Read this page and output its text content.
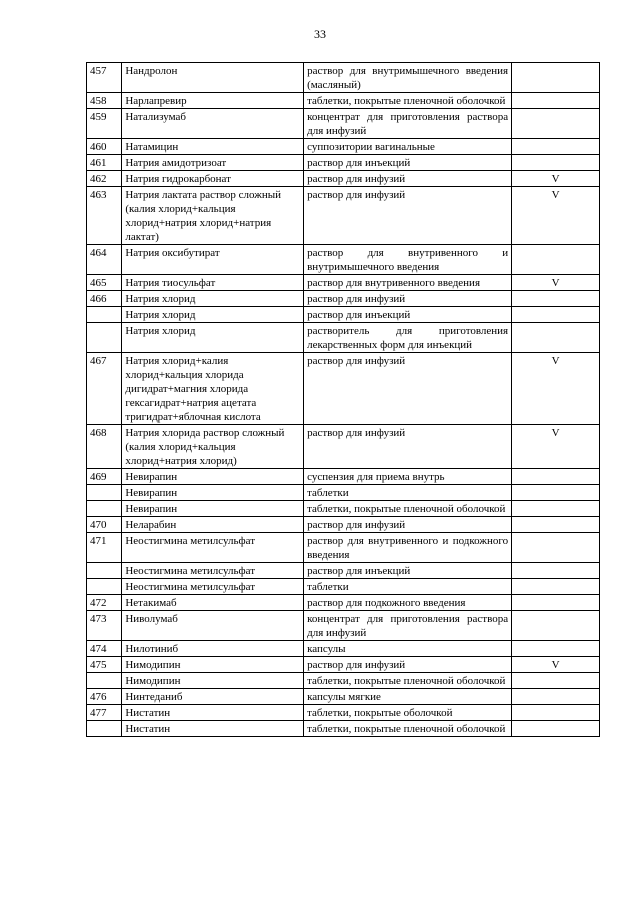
33
457	Нандролон	раствор для внутримышечного введения (масляный)	
458	Нарлапревир	таблетки, покрытые пленочной оболочкой	
459	Натализумаб	концентрат для приготовления раствора для инфузий	
460	Натамицин	суппозитории вагинальные	
461	Натрия амидотризоат	раствор для инъекций	
462	Натрия гидрокарбонат	раствор для инфузий	V
463	Натрия лактата раствор сложный (калия хлорид+кальция хлорид+натрия хлорид+натрия лактат)	раствор для инфузий	V
464	Натрия оксибутират	раствор для внутривенного и внутримышечного введения	
465	Натрия тиосульфат	раствор для внутривенного введения	V
466	Натрия хлорид	раствор для инфузий	
	Натрия хлорид	раствор для инъекций	
	Натрия хлорид	растворитель для приготовления лекарственных форм для инъекций	
467	Натрия хлорид+калия хлорид+кальция хлорида дигидрат+магния хлорида гексагидрат+натрия ацетата тригидрат+яблочная кислота	раствор для инфузий	V
468	Натрия хлорида раствор сложный (калия хлорид+кальция хлорид+натрия хлорид)	раствор для инфузий	V
469	Невирапин	суспензия для приема внутрь	
	Невирапин	таблетки	
	Невирапин	таблетки, покрытые пленочной оболочкой	
470	Неларабин	раствор для инфузий	
471	Неостигмина метилсульфат	раствор для внутривенного и подкожного введения	
	Неостигмина метилсульфат	раствор для инъекций	
	Неостигмина метилсульфат	таблетки	
472	Нетакимаб	раствор для подкожного введения	
473	Ниволумаб	концентрат для приготовления раствора для инфузий	
474	Нилотиниб	капсулы	
475	Нимодипин	раствор для инфузий	V
	Нимодипин	таблетки, покрытые пленочной оболочкой	
476	Нинтеданиб	капсулы мягкие	
477	Нистатин	таблетки, покрытые оболочкой	
	Нистатин	таблетки, покрытые пленочной оболочкой	
